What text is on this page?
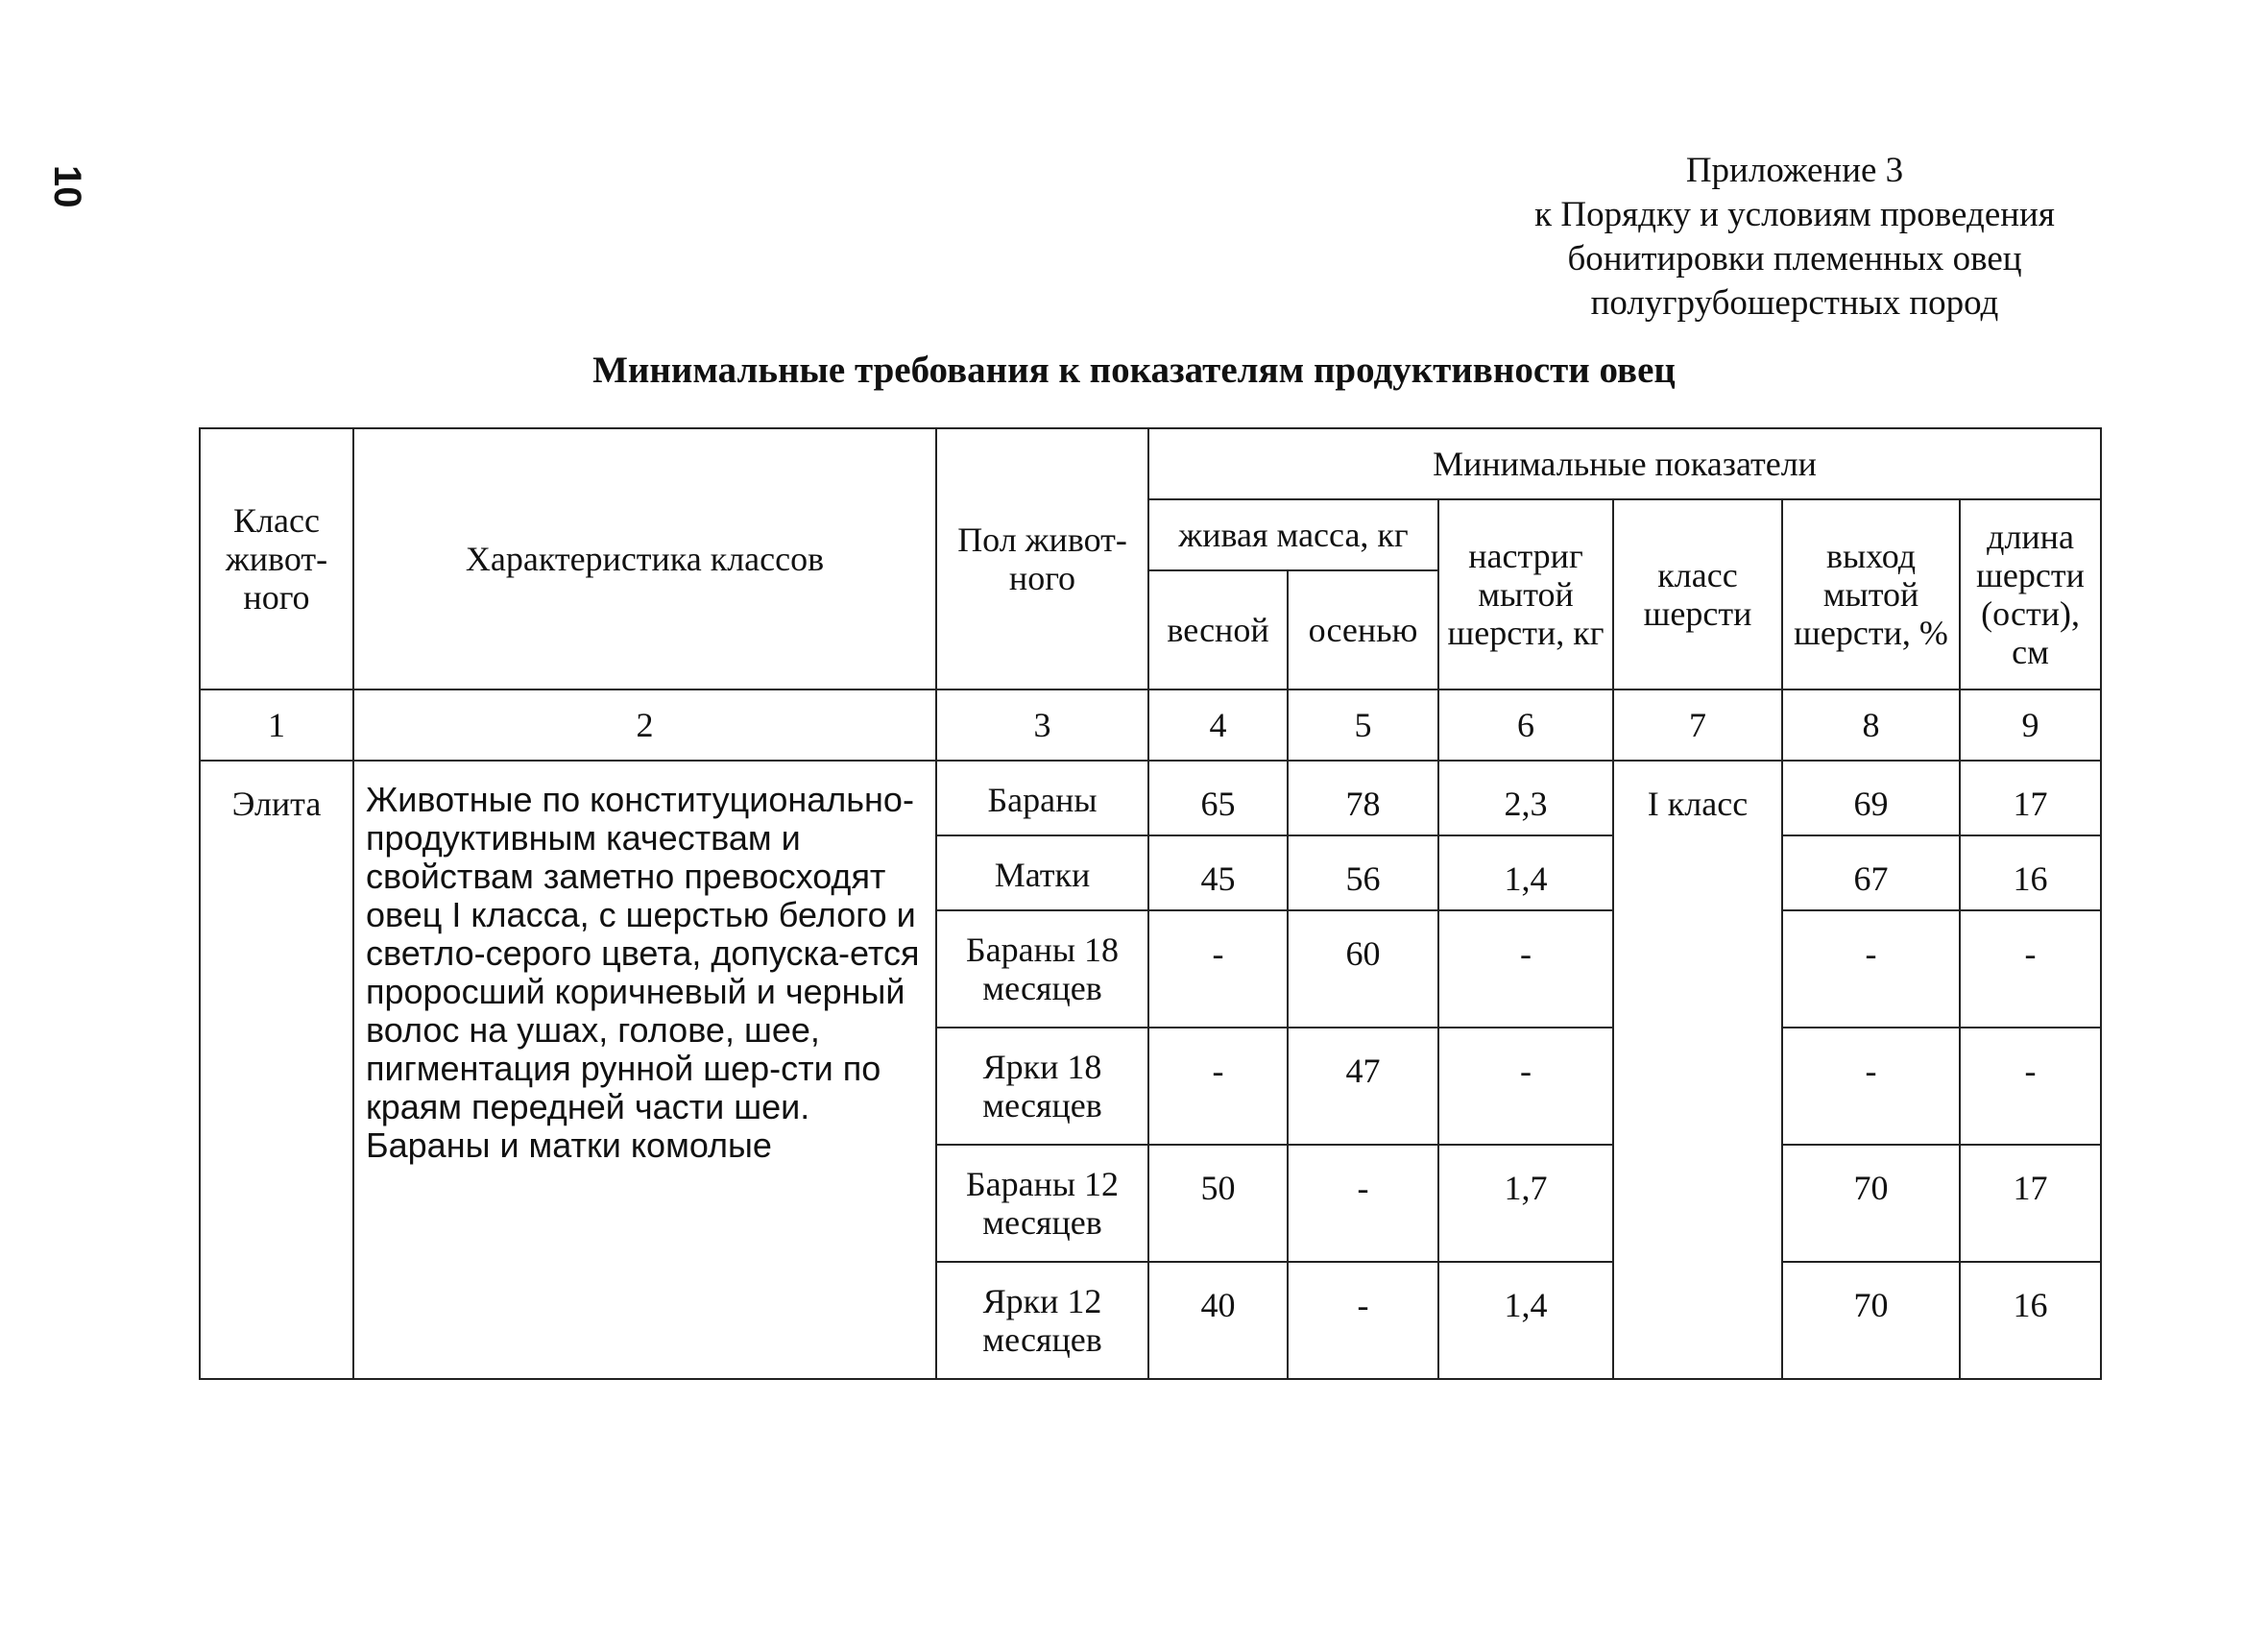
10	Приложение 3
к Порядку и условиям проведения
бонитировки племенных овец
полугрубошерстных пород
Минимальные требования к показателям продуктивности овец
Класс живот-ного	Характеристика классов	Пол живот-ного	Минимальные показатели					
			живая масса, кг		настриг мытой шерсти, кг	класс шерсти	выход мытой шерсти, %	длина шерсти (ости), см
			весной	осенью				
1	2	3	4	5	6	7	8	9
Элита	Животные по конституционально-продуктивным качествам и свойствам заметно превосходят овец I класса, с шерстью белого и светло-серого цвета, допуска-ется проросший коричневый и черный волос на ушах, голове, шее, пигментация рунной шер-сти по краям передней части шеи. Бараны и матки комолые	Бараны	65	78	2,3	I класс	69	17
		Матки	45	56	1,4		67	16
		Бараны 18 месяцев	-	60	-		-	-
		Ярки 18 месяцев	-	47	-		-	-
		Бараны 12 месяцев	50	-	1,7		70	17
		Ярки 12 месяцев	40	-	1,4		70	16
